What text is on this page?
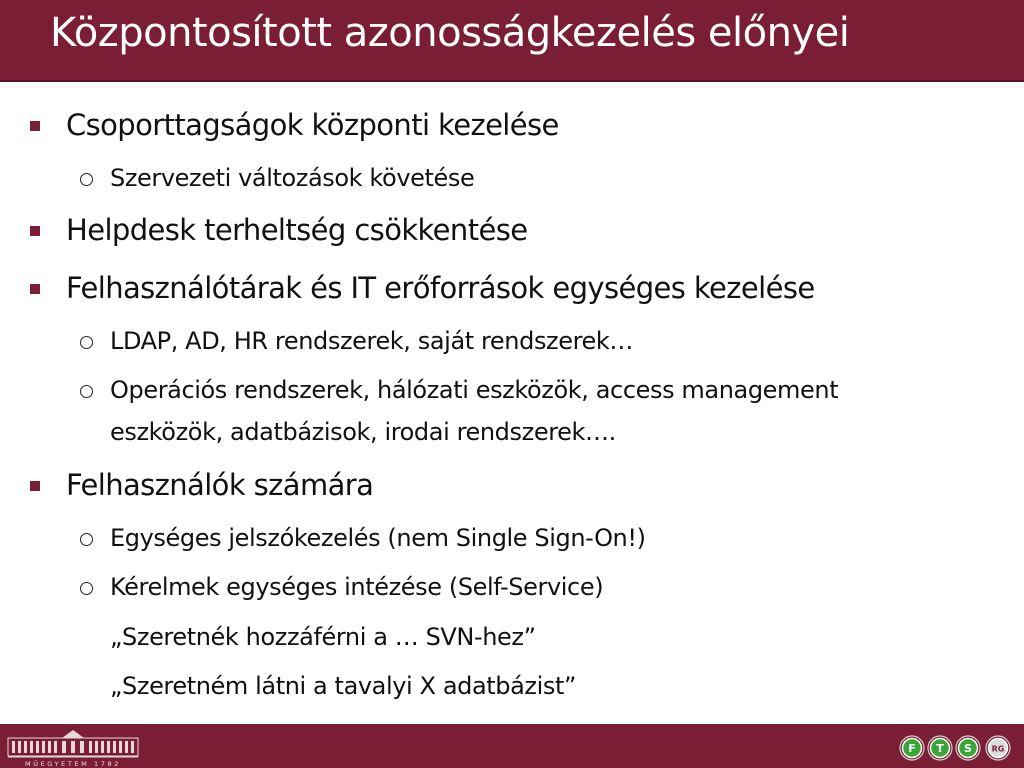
Központosított azonosságkezelés előnyei
Csoporttagságok központi kezelése
Szervezeti változások követése
Helpdesk terheltség csökkentése
Felhasználótárak és IT erőforrások egységes kezelése
LDAP, AD, HR rendszerek, saját rendszerek…
Operációs rendszerek, hálózati eszközök, access management
eszközök, adatbázisok, irodai rendszerek….
Felhasználók számára
Egységes jelszókezelés (nem Single Sign-On!)
Kérelmek egységes intézése (Self-Service)
„Szeretnék hozzáférni a … SVN-hez”
„Szeretném látni a tavalyi X adatbázist”
MŰEGYETEM 1782
F T S RG
